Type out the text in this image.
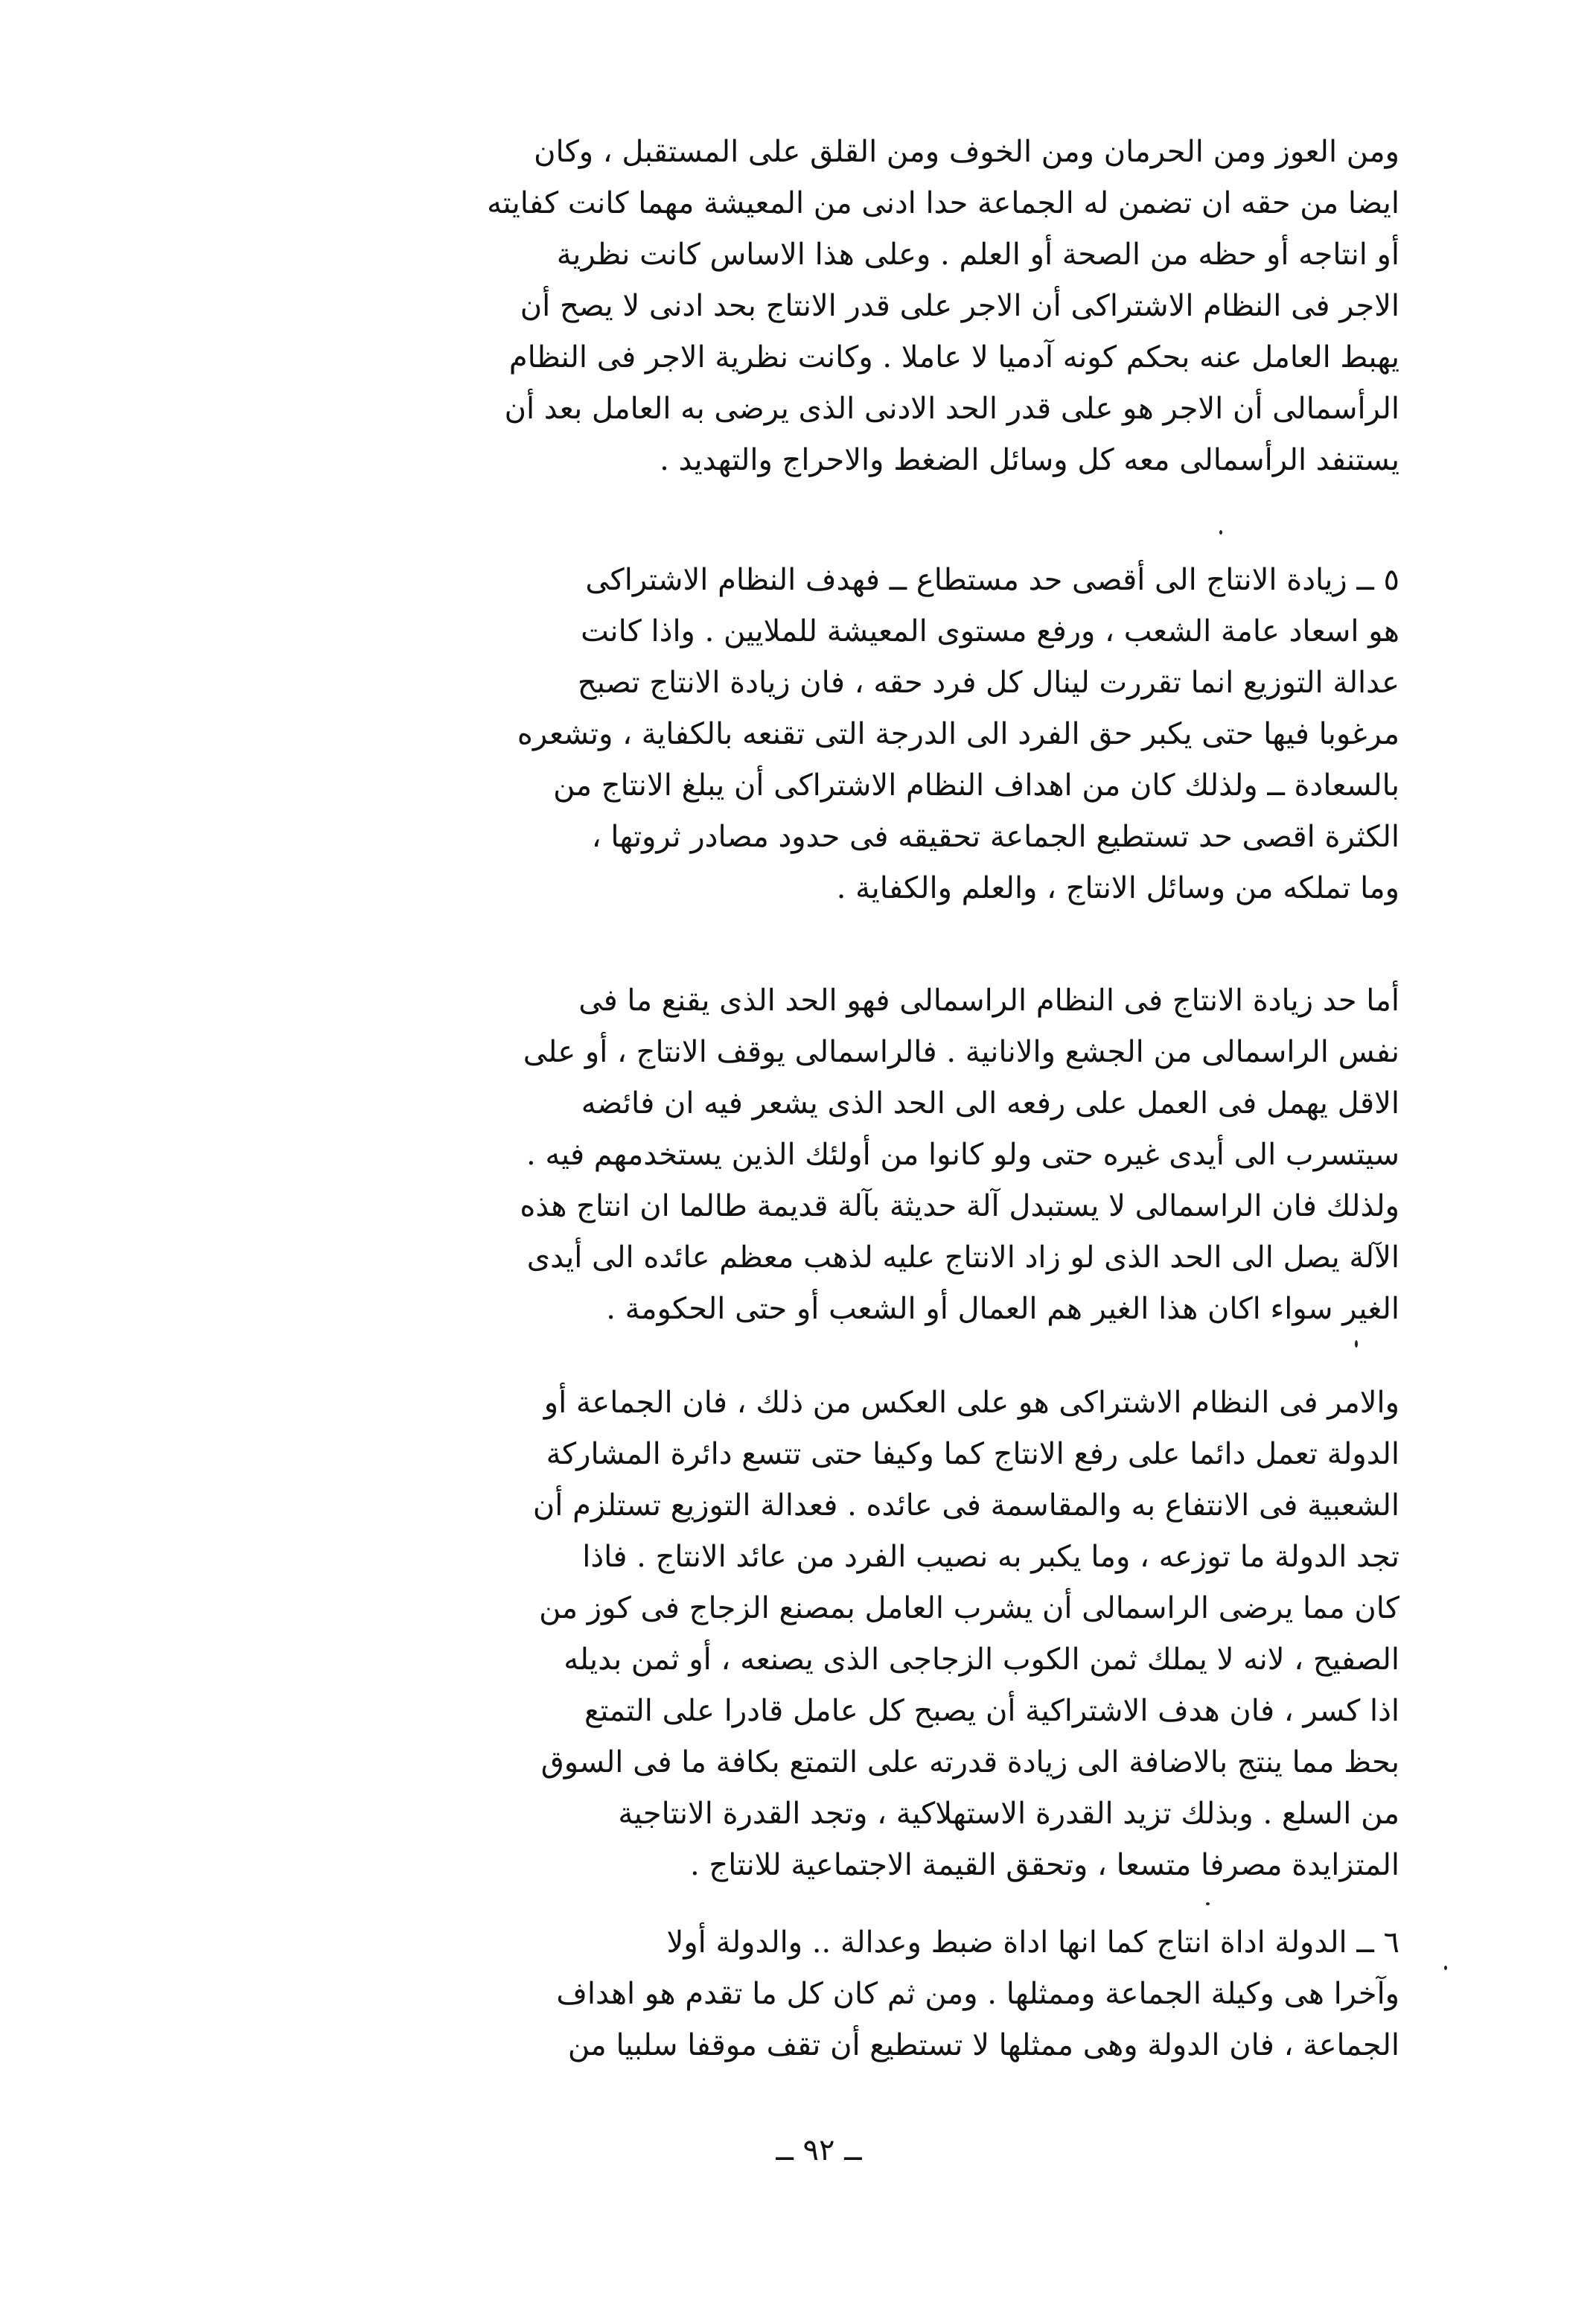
ومن العوز ومن الحرمان ومن الخوف ومن القلق على المستقبل ، وكان
ايضا من حقه ان تضمن له الجماعة حدا ادنى من المعيشة مهما كانت كفايته
أو انتاجه أو حظه من الصحة أو العلم . وعلى هذا الاساس كانت نظرية
الاجر فى النظام الاشتراكى أن الاجر على قدر الانتاج بحد ادنى لا يصح أن
يهبط العامل عنه بحكم كونه آدميا لا عاملا . وكانت نظرية الاجر فى النظام
الرأسمالى أن الاجر هو على قدر الحد الادنى الذى يرضى به العامل بعد أن
يستنفد الرأسمالى معه كل وسائل الضغط والاحراج والتهديد .

٥ ــ زيادة الانتاج الى أقصى حد مستطاع ــ فهدف النظام الاشتراكى
هو اسعاد عامة الشعب ، ورفع مستوى المعيشة للملايين . واذا كانت
عدالة التوزيع انما تقررت لينال كل فرد حقه ، فان زيادة الانتاج تصبح
مرغوبا فيها حتى يكبر حق الفرد الى الدرجة التى تقنعه بالكفاية ، وتشعره
بالسعادة ــ ولذلك كان من اهداف النظام الاشتراكى أن يبلغ الانتاج من
الكثرة اقصى حد تستطيع الجماعة تحقيقه فى حدود مصادر ثروتها ،
وما تملكه من وسائل الانتاج ، والعلم والكفاية .

أما حد زيادة الانتاج فى النظام الراسمالى فهو الحد الذى يقنع ما فى
نفس الراسمالى من الجشع والانانية . فالراسمالى يوقف الانتاج ، أو على
الاقل يهمل فى العمل على رفعه الى الحد الذى يشعر فيه ان فائضه
سيتسرب الى أيدى غيره حتى ولو كانوا من أولئك الذين يستخدمهم فيه .
ولذلك فان الراسمالى لا يستبدل آلة حديثة بآلة قديمة طالما ان انتاج هذه
الآلة يصل الى الحد الذى لو زاد الانتاج عليه لذهب معظم عائده الى أيدى
الغير سواء اكان هذا الغير هم العمال أو الشعب أو حتى الحكومة .

والامر فى النظام الاشتراكى هو على العكس من ذلك ، فان الجماعة أو
الدولة تعمل دائما على رفع الانتاج كما وكيفا حتى تتسع دائرة المشاركة
الشعبية فى الانتفاع به والمقاسمة فى عائده . فعدالة التوزيع تستلزم أن
تجد الدولة ما توزعه ، وما يكبر به نصيب الفرد من عائد الانتاج . فاذا
كان مما يرضى الراسمالى أن يشرب العامل بمصنع الزجاج فى كوز من
الصفيح ، لانه لا يملك ثمن الكوب الزجاجى الذى يصنعه ، أو ثمن بديله
اذا كسر ، فان هدف الاشتراكية أن يصبح كل عامل قادرا على التمتع
بحظ مما ينتج بالاضافة الى زيادة قدرته على التمتع بكافة ما فى السوق
من السلع . وبذلك تزيد القدرة الاستهلاكية ، وتجد القدرة الانتاجية
المتزايدة مصرفا متسعا ، وتحقق القيمة الاجتماعية للانتاج .

٦ ــ الدولة اداة انتاج كما انها اداة ضبط وعدالة .. والدولة أولا
وآخرا هى وكيلة الجماعة وممثلها . ومن ثم كان كل ما تقدم هو اهداف
الجماعة ، فان الدولة وهى ممثلها لا تستطيع أن تقف موقفا سلبيا من

ــ ٩٢ ــ
